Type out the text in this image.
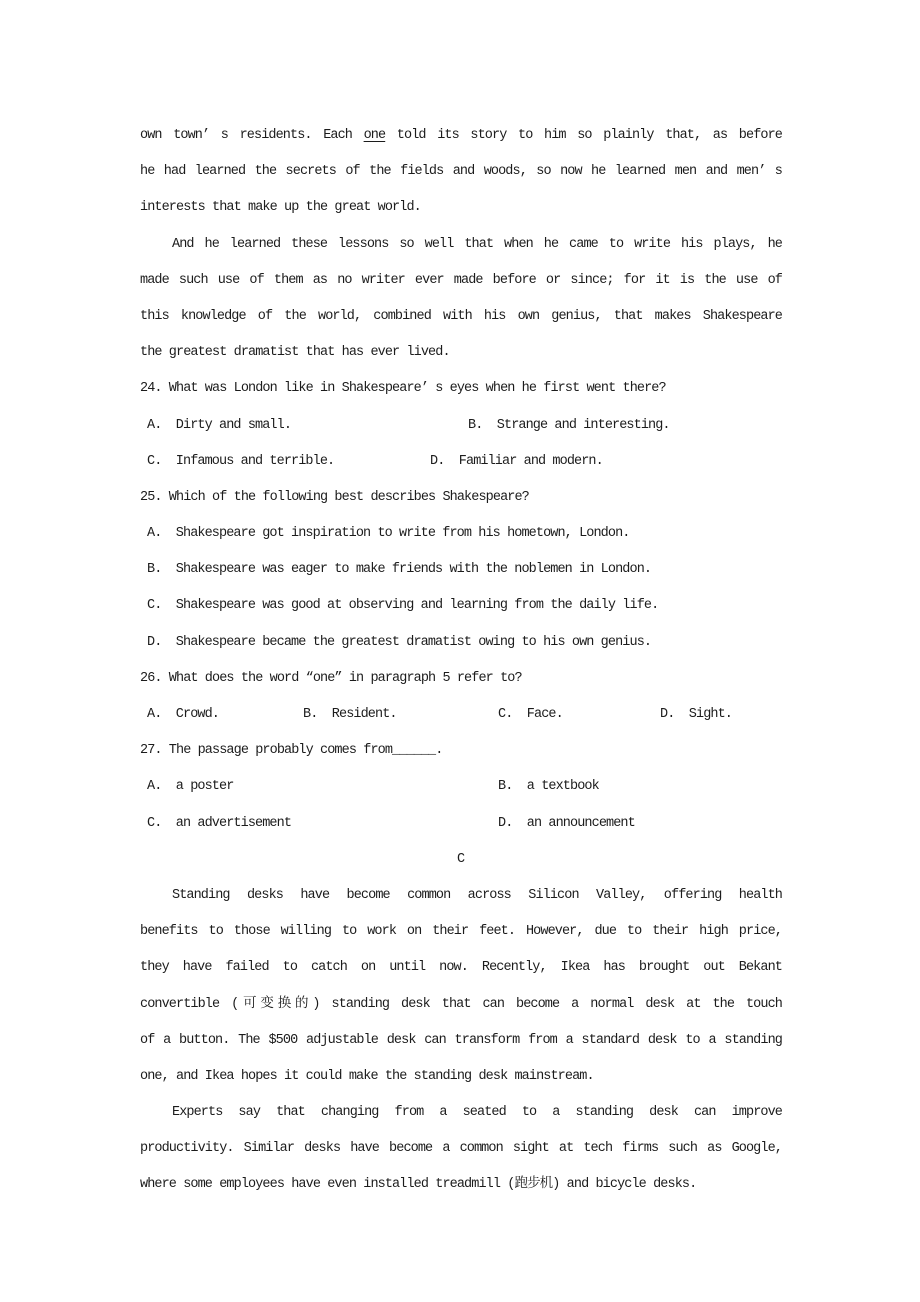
own town’ s residents. Each one told its story to him so plainly that, as before
he had learned the secrets of the fields and woods, so now he learned men and men’ s
interests that make up the great world.
And he learned these lessons so well that when he came to write his plays, he
made such use of them as no writer ever made before or since; for it is the use of
this knowledge of the world, combined with his own genius, that makes Shakespeare
the greatest dramatist that has ever lived.
24. What was London like in Shakespeare’ s eyes when he first went there?
A.  Dirty and small.	B.  Strange and interesting.
C.  Infamous and terrible.	D.  Familiar and modern.
25. Which of the following best describes Shakespeare?
A.  Shakespeare got inspiration to write from his hometown, London.
B.  Shakespeare was eager to make friends with the noblemen in London.
C.  Shakespeare was good at observing and learning from the daily life.
D.  Shakespeare became the greatest dramatist owing to his own genius.
26. What does the word “one” in paragraph 5 refer to?
A.  Crowd.	B.  Resident.	C.  Face.	D.  Sight.
27. The passage probably comes from______.
A.  a poster	B.  a textbook
C.  an advertisement	D.  an announcement
C
Standing desks have become common across Silicon Valley, offering health
benefits to those willing to work on their feet. However, due to their high price,
they have failed to catch on until now. Recently, Ikea has brought out Bekant
convertible (可变换的) standing desk that can become a normal desk at the touch
of a button. The $500 adjustable desk can transform from a standard desk to a standing
one, and Ikea hopes it could make the standing desk mainstream.
Experts say that changing from a seated to a standing desk can improve
productivity. Similar desks have become a common sight at tech firms such as Google,
where some employees have even installed treadmill (跑步机) and bicycle desks.
